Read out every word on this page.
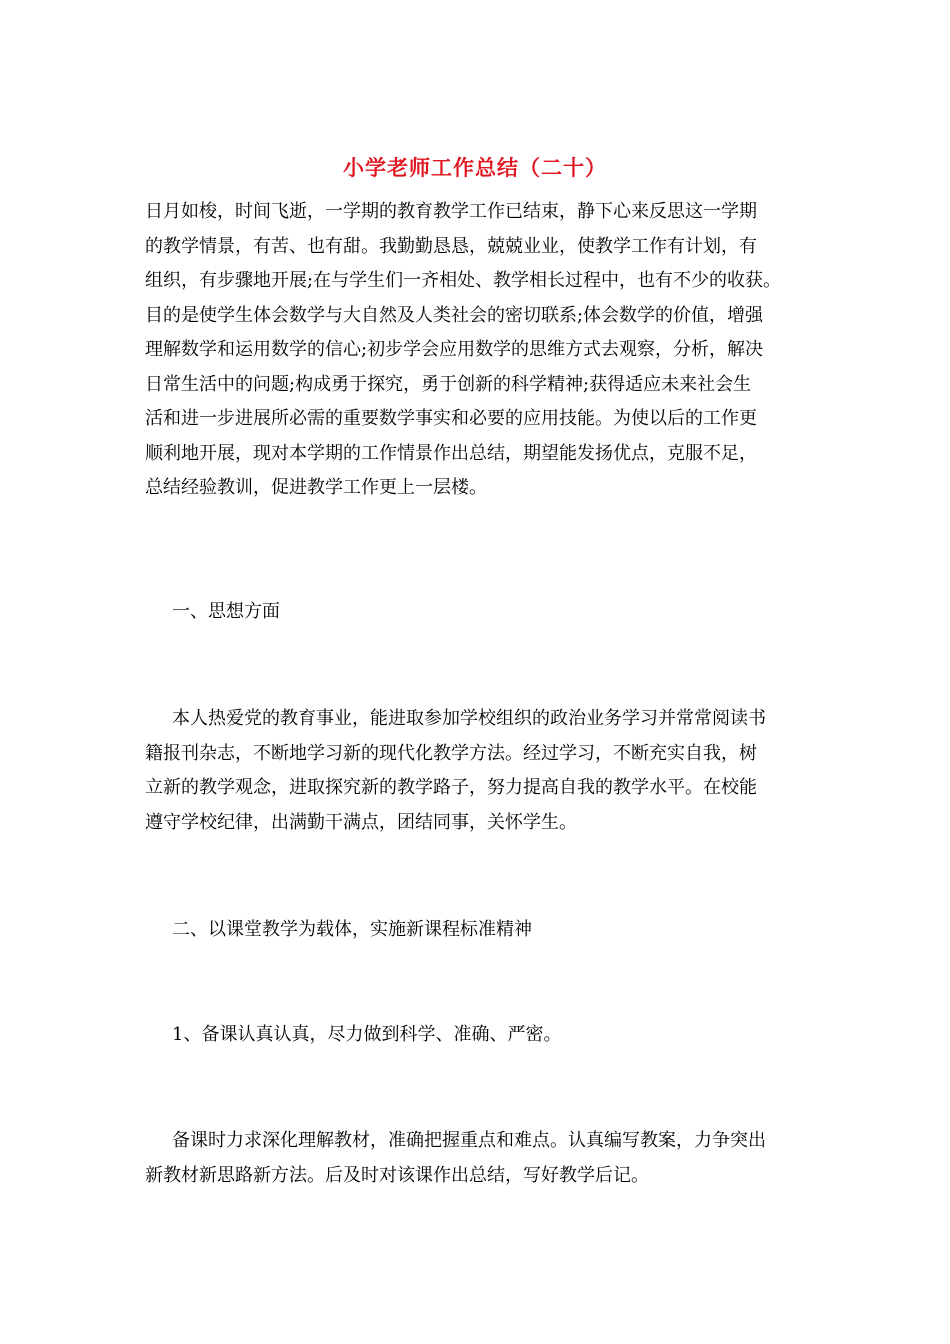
小学老师工作总结（二十）
日月如梭，时间飞逝，一学期的教育教学工作已结束，静下心来反思这一学期
的教学情景，有苦、也有甜。我勤勤恳恳，兢兢业业，使教学工作有计划，有
组织，有步骤地开展;在与学生们一齐相处、教学相长过程中，也有不少的收获。
目的是使学生体会数学与大自然及人类社会的密切联系;体会数学的价值，增强
理解数学和运用数学的信心;初步学会应用数学的思维方式去观察，分析，解决
日常生活中的问题;构成勇于探究，勇于创新的科学精神;获得适应未来社会生
活和进一步进展所必需的重要数学事实和必要的应用技能。为使以后的工作更
顺利地开展，现对本学期的工作情景作出总结，期望能发扬优点，克服不足，
总结经验教训，促进教学工作更上一层楼。
一、思想方面
本人热爱党的教育事业，能进取参加学校组织的政治业务学习并常常阅读书
籍报刊杂志，不断地学习新的现代化教学方法。经过学习，不断充实自我，树
立新的教学观念，进取探究新的教学路子，努力提高自我的教学水平。在校能
遵守学校纪律，出满勤干满点，团结同事，关怀学生。
二、以课堂教学为载体，实施新课程标准精神
1、备课认真认真，尽力做到科学、准确、严密。
备课时力求深化理解教材，准确把握重点和难点。认真编写教案，力争突出
新教材新思路新方法。后及时对该课作出总结，写好教学后记。
